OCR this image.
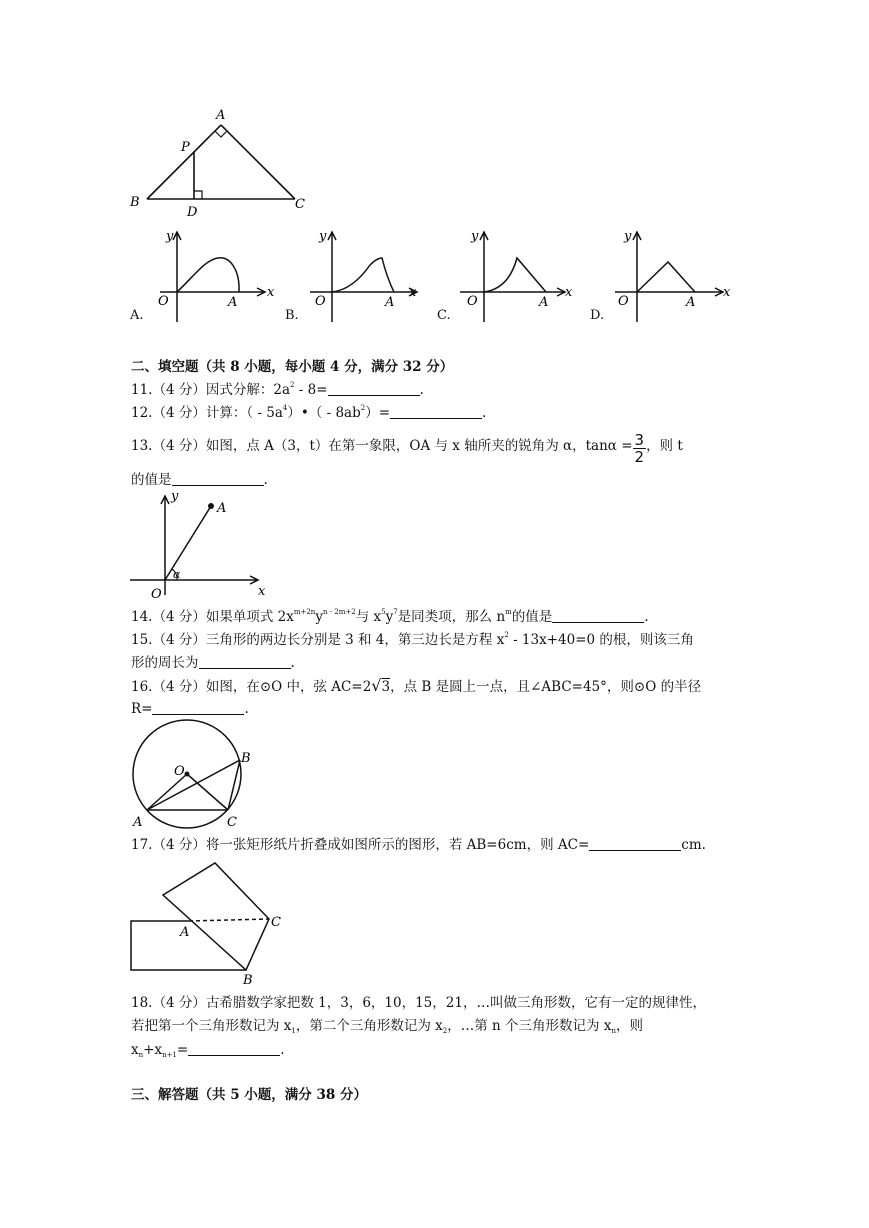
A
P
B
D
C
A.
y
x
O	A
B.
y
x
O	A
C.
y
x
O	A
D.
y
x
O	A
二、填空题（共 8 小题，每小题 4 分，满分 32 分）
11.（4 分）因式分解：$2a^2 - 8=$	.
12.（4 分）计算：（ - $5a^4)•( - 8ab^2)=$	.
13.（4 分）如图，点 A（3，t）在第一象限，OA 与 x 轴所夹的锐角为 α，$\tan\alpha = \frac{3}{2}$ ，则 t
的值是	.
y
x
O
A
α
14.（4 分）如果单项式 $2x^{m+2n}y^{n - 2m+2}$与 $x^5y^7$是同类项，那么 $n^m$的值是	.
15.（4 分）三角形的两边长分别是 3 和 4，第三边长是方程 $x^2 - 13x+40=0$ 的根，则该三角
形的周长为	.
16.（4 分）如图，在⊙O 中，弦 AC=2√3，点 B 是圆上一点，且∠ABC=45°，则⊙O 的半径
R=	.
O
B
A	C
17.（4 分）将一张矩形纸片折叠成如图所示的图形，若 AB=6cm，则 AC=	cm.
A
C
B
18.（4 分）古希腊数学家把数 1，3，6，10，15，21，…叫做三角形数，它有一定的规律性，
若把第一个三角形数记为 $x_1$，第二个三角形数记为 $x_2$，…第 n 个三角形数记为 $x_n$，则
$x_n+x_{n+1}=$	.
三、解答题（共 5 小题，满分 38 分）
